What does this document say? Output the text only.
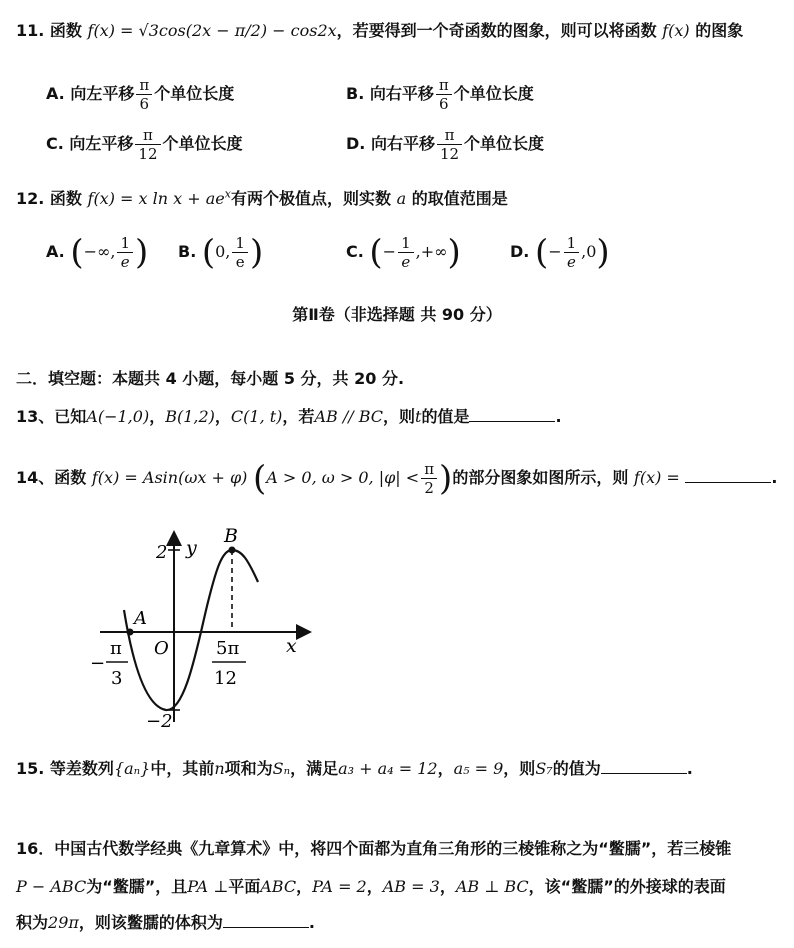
11. 函数 f(x) = √3cos(2x − π/2) − cos2x，若要得到一个奇函数的图象，则可以将函数 f(x) 的图象
A. 向左平移 $\frac{\pi}{6}$ 个单位长度	B. 向右平移 $\frac{\pi}{6}$ 个单位长度
C. 向左平移 $\frac{\pi}{12}$ 个单位长度	D. 向右平移 $\frac{\pi}{12}$ 个单位长度
12. 函数 f(x) = x $\ln x + ae^x$有两个极值点，则实数 a 的取值范围是
A. (−∞, $\frac{1}{e}$ ) B. (0, $\frac{1}{e}$ )	C. (− $\frac{1}{e}$ ,+∞)	D. (− $\frac{1}{e} ,0$)
第Ⅱ卷（非选择题 共 90 分）
二．填空题：本题共 4 小题，每小题 5 分，共 20 分.
13、已知A(−1,0)，B(1,2)，C(1, t)，若AB // BC，则t的值是	.
14、函数 f(x) = Asin(ωx + φ) (A > 0, ω > 0, $|\varphi| < \frac{\pi}{2}$ )的部分图象如图所示，则 f(x) =	.
2 y
B
A
O	x
−2
−
π
3
5π
12
15. 等差数列{aₙ}中，其前n项和为Sₙ，满足a₃ + a₄ = 12，a₅ = 9，则S₇的值为	.
16．中国古代数学经典《九章算术》中，将四个面都为直角三角形的三棱锥称之为“鳖臑”，若三棱锥
P − ABC为“鳖臑”，且PA ⊥平面ABC，PA = 2，AB = 3，AB ⊥ BC，该“鳖臑”的外接球的表面
积为29π，则该鳖臑的体积为	.
